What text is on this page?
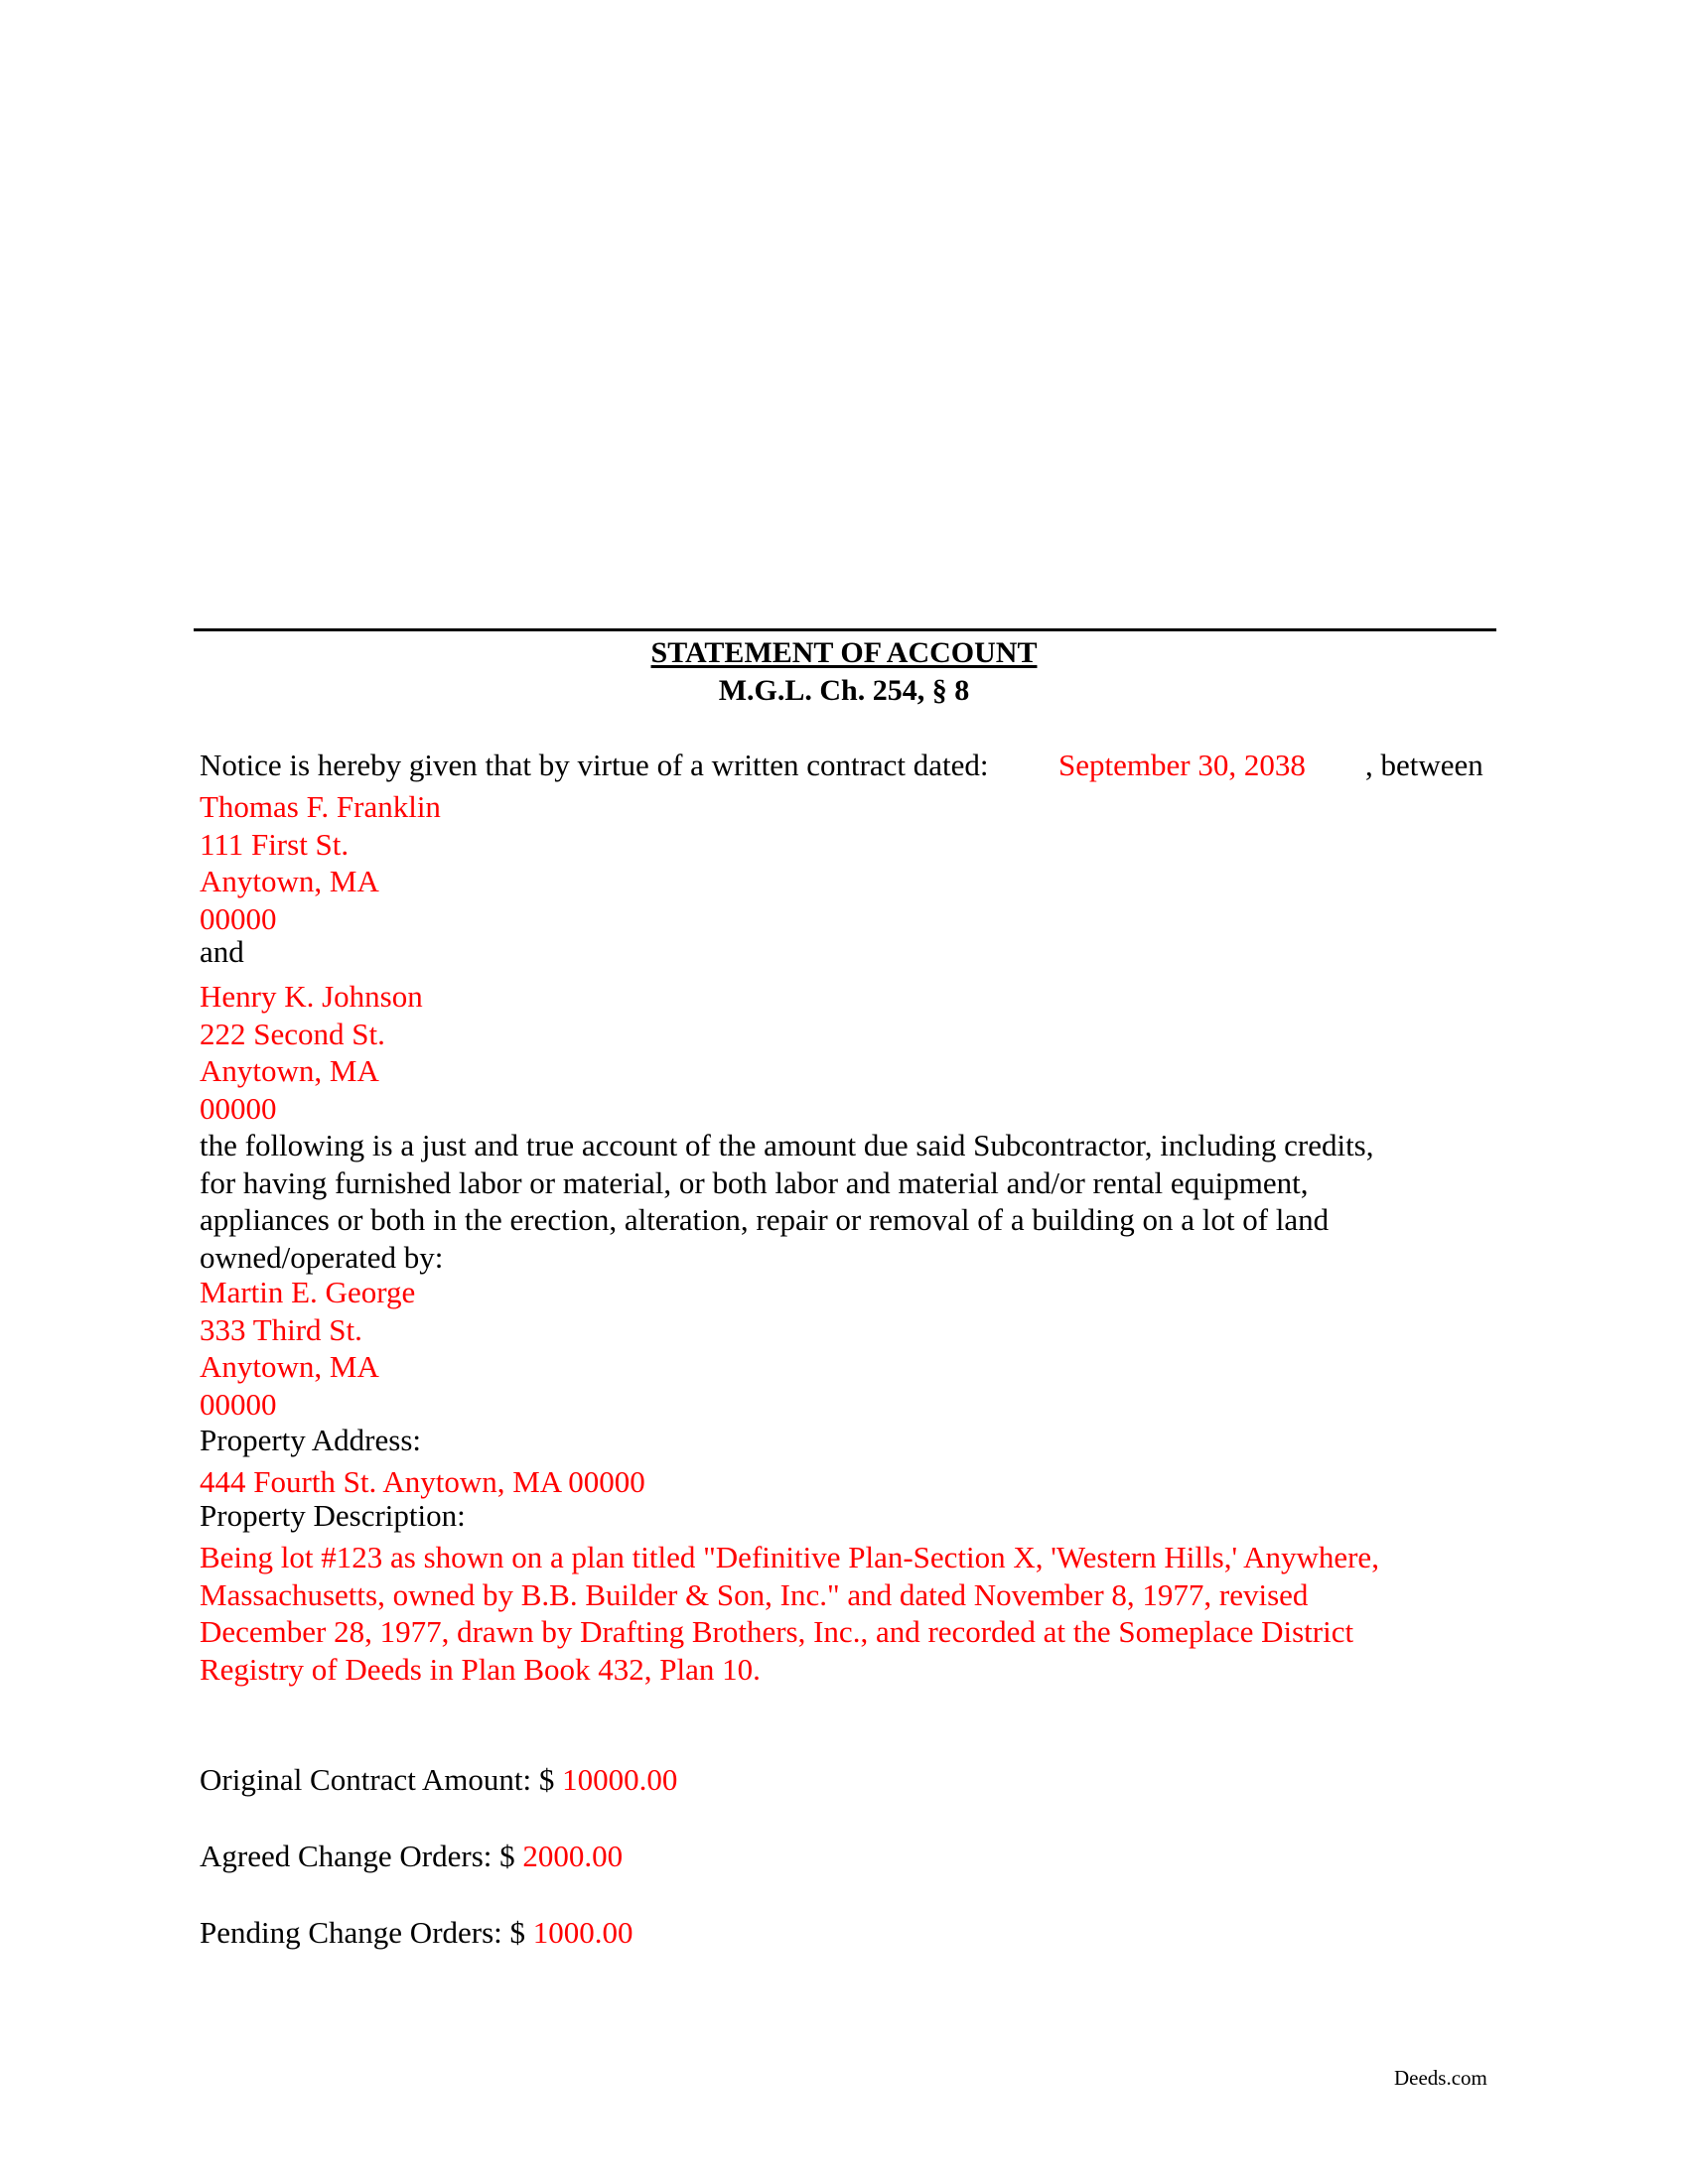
STATEMENT OF ACCOUNT
M.G.L. Ch. 254, § 8
Notice is hereby given that by virtue of a written contract dated: September 30, 2038 , between
Thomas F. Franklin
111 First St.
Anytown, MA
00000
and
Henry K. Johnson
222 Second St.
Anytown, MA
00000
the following is a just and true account of the amount due said Subcontractor, including credits,
for having furnished labor or material, or both labor and material and/or rental equipment,
appliances or both in the erection, alteration, repair or removal of a building on a lot of land
owned/operated by:
Martin E. George
333 Third St.
Anytown, MA
00000
Property Address:
444 Fourth St. Anytown, MA 00000
Property Description:
Being lot #123 as shown on a plan titled "Definitive Plan-Section X, 'Western Hills,' Anywhere,
Massachusetts, owned by B.B. Builder & Son, Inc." and dated November 8, 1977, revised
December 28, 1977, drawn by Drafting Brothers, Inc., and recorded at the Someplace District
Registry of Deeds in Plan Book 432, Plan 10.
Original Contract Amount: $ 10000.00
Agreed Change Orders: $ 2000.00
Pending Change Orders: $ 1000.00
Deeds.com
